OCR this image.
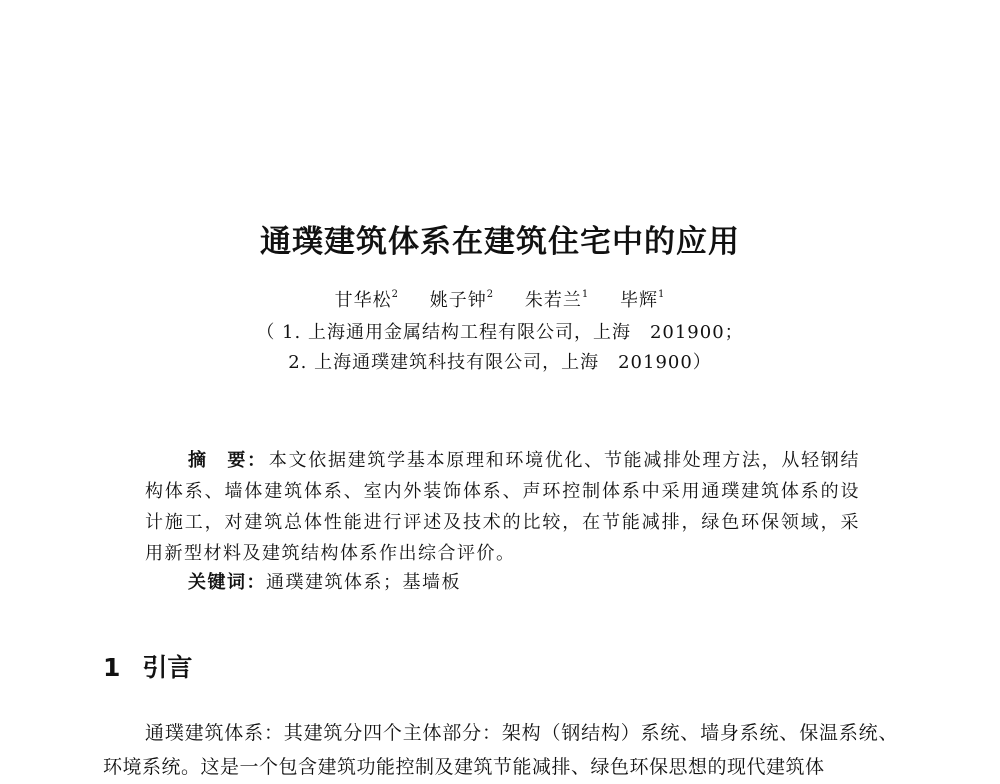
通璞建筑体系在建筑住宅中的应用
甘华松$^2$ 姚子钟$^2$ 朱若兰$^1$ 毕辉$^1$
（ 1. 上海通用金属结构工程有限公司，上海　201900；
2. 上海通璞建筑科技有限公司，上海　201900）

摘　要： 本文依据建筑学基本原理和环境优化、节能减排处理方法，从轻钢结构体系、墙体建筑体系、室内外装饰体系、声环控制体系中采用通璞建筑体系的设计施工，对建筑总体性能进行评述及技术的比较，在节能减排，绿色环保领域，采用新型材料及建筑结构体系作出综合评价。

关键词：通璞建筑体系；基墙板
1 引言

通璞建筑体系：其建筑分四个主体部分：架构（钢结构）系统、墙身系统、保温系统、环境系统。这是一个包含建筑功能控制及建筑节能减排、绿色环保思想的现代建筑体
